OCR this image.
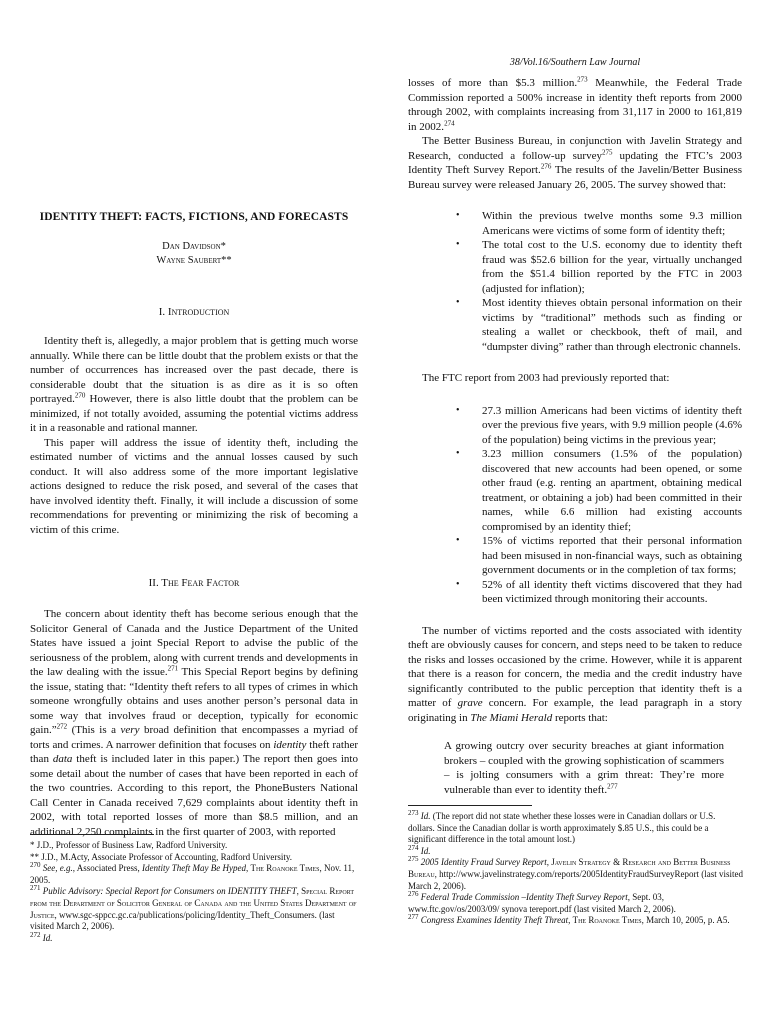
38/Vol.16/Southern Law Journal

losses of more than $5.3 million.$^{273}$ Meanwhile, the Federal Trade Commission reported a 500% increase in identity theft reports from 2000 through 2002, with complaints increasing from 31,117 in 2000 to 161,819 in 2002.$^{274}$

The Better Business Bureau, in conjunction with Javelin Strategy and Research, conducted a follow-up survey$^{275}$ updating the FTC’s 2003 Identity Theft Survey Report.$^{276}$ The results of the Javelin/Better Business Bureau survey were released January 26, 2005. The survey showed that:

• Within the previous twelve months some 9.3 million Americans were victims of some form of identity theft;
• The total cost to the U.S. economy due to identity theft fraud was $52.6 billion for the year, virtually unchanged from the $51.4 billion reported by the FTC in 2003 (adjusted for inflation);
• Most identity thieves obtain personal information on their victims by “traditional” methods such as finding or stealing a wallet or checkbook, theft of mail, and “dumpster diving” rather than through electronic channels.
The FTC report from 2003 had previously reported that:
• 27.3 million Americans had been victims of identity theft over the previous five years, with 9.9 million people (4.6% of the population) being victims in the previous year;
• 3.23 million consumers (1.5% of the population) discovered that new accounts had been opened, or some other fraud (e.g. renting an apartment, obtaining medical treatment, or obtaining a job) had been committed in their names, while 6.6 million had existing accounts compromised by an identity thief;
• 15% of victims reported that their personal information had been misused in non-financial ways, such as obtaining government documents or in the completion of tax forms;
• 52% of all identity theft victims discovered that they had been victimized through monitoring their accounts.

The number of victims reported and the costs associated with identity theft are obviously causes for concern, and steps need to be taken to reduce the risks and losses occasioned by the crime. However, while it is apparent that there is a reason for concern, the media and the credit industry have significantly contributed to the public perception that identity theft is a matter of grave concern. For example, the lead paragraph in a story originating in The Miami Herald reports that:

A growing outcry over security breaches at giant information brokers – coupled with the growing sophistication of scammers – is jolting consumers with a grim threat: They’re more vulnerable than ever to identity theft.$^{277}$
IDENTITY THEFT: FACTS, FICTIONS, AND FORECASTS
Dan Davidson*
Wayne Saubert**
I. Introduction

Identity theft is, allegedly, a major problem that is getting much worse annually. While there can be little doubt that the problem exists or that the number of occurrences has increased over the past decade, there is considerable doubt that the situation is as dire as it is so often portrayed.$^{270}$ However, there is also little doubt that the problem can be minimized, if not totally avoided, assuming the potential victims address it in a reasonable and rational manner.

This paper will address the issue of identity theft, including the estimated number of victims and the annual losses caused by such conduct. It will also address some of the more important legislative actions designed to reduce the risk posed, and several of the cases that have involved identity theft. Finally, it will include a discussion of some recommendations for preventing or minimizing the risk of becoming a victim of this crime.

II. The Fear Factor

The concern about identity theft has become serious enough that the Solicitor General of Canada and the Justice Department of the United States have issued a joint Special Report to advise the public of the seriousness of the problem, along with current trends and developments in the law dealing with the issue.$^{271}$ This Special Report begins by defining the issue, stating that: “Identity theft refers to all types of crimes in which someone wrongfully obtains and uses another person’s personal data in some way that involves fraud or deception, typically for economic gain.”$^{272}$ (This is a very broad definition that encompasses a myriad of torts and crimes. A narrower definition that focuses on identity theft rather than data theft is included later in this paper.) The report then goes into some detail about the number of cases that have been reported in each of the two countries. According to this report, the PhoneBusters National Call Center in Canada received 7,629 complaints about identity theft in 2002, with total reported losses of more than $8.5 million, and an additional 2,250 complaints in the first quarter of 2003, with reported

* J.D., Professor of Business Law, Radford University.

** J.D., M.Acty, Associate Professor of Accounting, Radford University.

$^{270}$ See, e.g., Associated Press, Identity Theft May Be Hyped, The Roanoke Times, Nov. 11, 2005.

$^{271}$ Public Advisory: Special Report for Consumers on IDENTITY THEFT, Special Report from the Department of Solicitor General of Canada and the United States Department of Justice, www.sgc-sppcc.gc.ca/publications/policing/Identity_Theft_Consumers. (last visited March 2, 2006).

$^{272}$ Id.

$^{273}$ Id. (The report did not state whether these losses were in Canadian dollars or U.S. dollars. Since the Canadian dollar is worth approximately $.85 U.S., this could be a significant difference in the total amount lost.)

$^{274}$ Id.

$^{275}$ 2005 Identity Fraud Survey Report, Javelin Strategy & Research and Better Business Bureau, http://www.javelinstrategy.com/reports/2005IdentityFraudSurveyReport (last visited March 2, 2006).

$^{276}$ Federal Trade Commission –Identity Theft Survey Report, Sept. 03, www.ftc.gov/os/2003/09/ synova tereport.pdf (last visited March 2, 2006).

$^{277}$ Congress Examines Identity Theft Threat, The Roanoke Times, March 10, 2005, p. A5.
